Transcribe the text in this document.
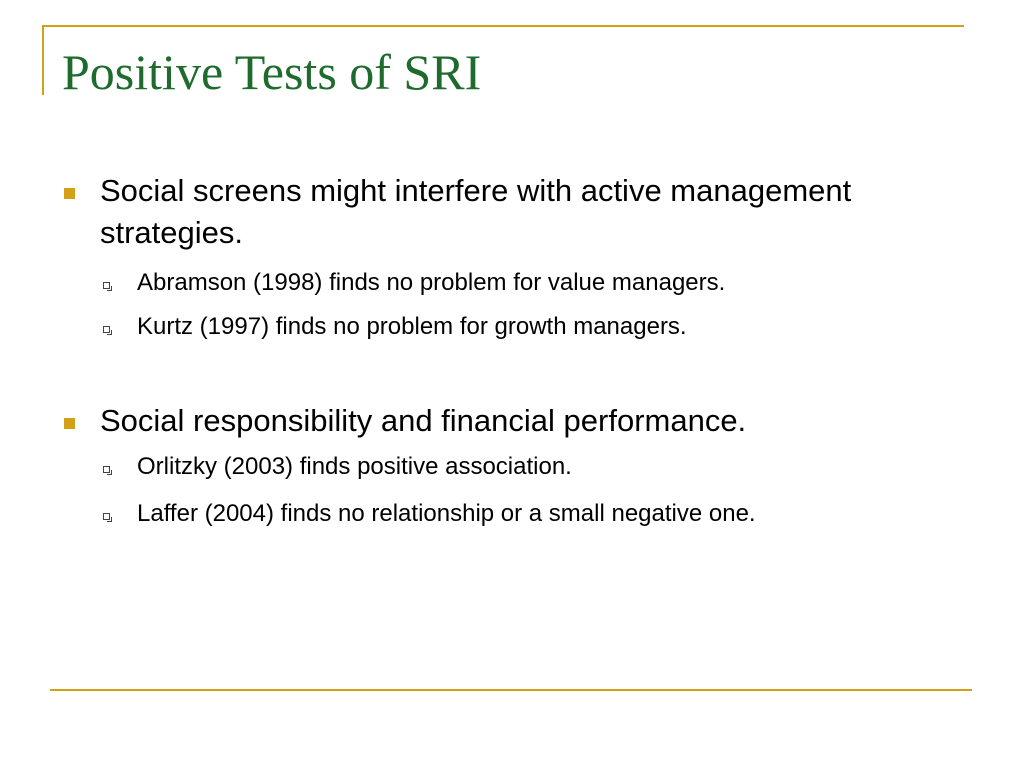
Positive Tests of SRI
Social screens might interfere with active management strategies.
Abramson (1998) finds no problem for value managers.
Kurtz (1997) finds no problem for growth managers.
Social responsibility and financial performance.
Orlitzky (2003) finds positive association.
Laffer (2004) finds no relationship or a small negative one.
